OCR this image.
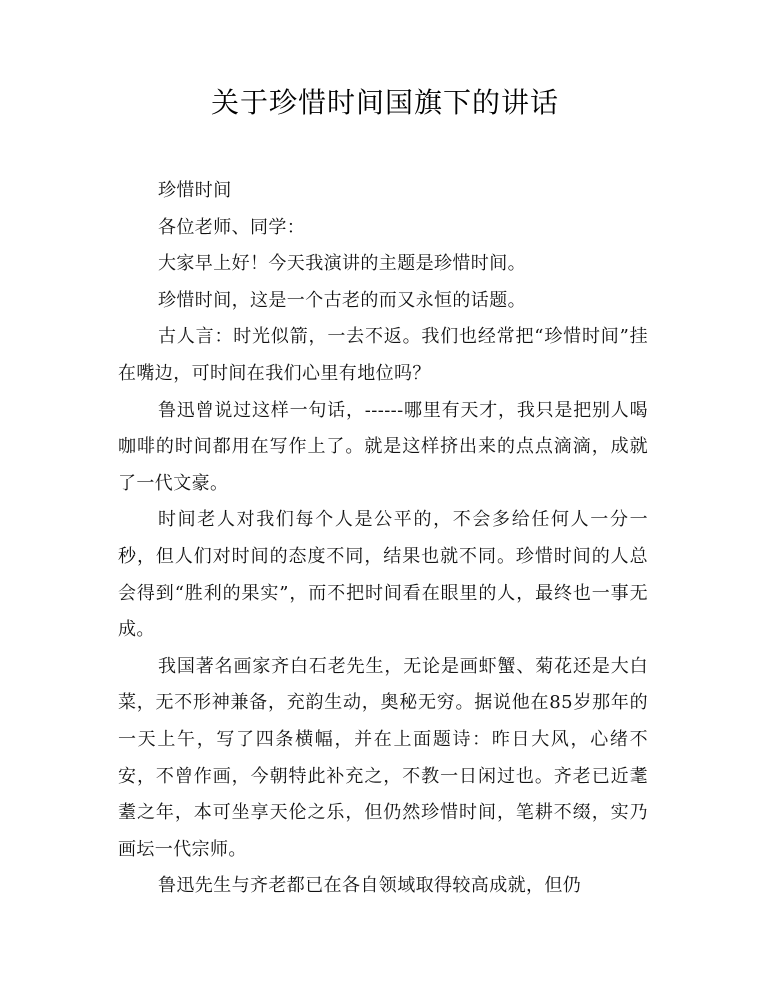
关于珍惜时间国旗下的讲话

珍惜时间

各位老师、同学：

大家早上好！今天我演讲的主题是珍惜时间。

珍惜时间，这是一个古老的而又永恒的话题。

古人言：时光似箭，一去不返。我们也经常把“珍惜时间”挂在嘴边，可时间在我们心里有地位吗？

鲁迅曾说过这样一句话，------哪里有天才，我只是把别人喝咖啡的时间都用在写作上了。就是这样挤出来的点点滴滴，成就了一代文豪。

时间老人对我们每个人是公平的，不会多给任何人一分一秒，但人们对时间的态度不同，结果也就不同。珍惜时间的人总会得到“胜利的果实”，而不把时间看在眼里的人，最终也一事无成。

我国著名画家齐白石老先生，无论是画虾蟹、菊花还是大白菜，无不形神兼备，充韵生动，奥秘无穷。据说他在85岁那年的一天上午，写了四条横幅，并在上面题诗：昨日大风，心绪不安，不曾作画，今朝特此补充之，不教一日闲过也。齐老已近耄耋之年，本可坐享天伦之乐，但仍然珍惜时间，笔耕不缀，实乃画坛一代宗师。

鲁迅先生与齐老都已在各自领域取得较高成就，但仍
